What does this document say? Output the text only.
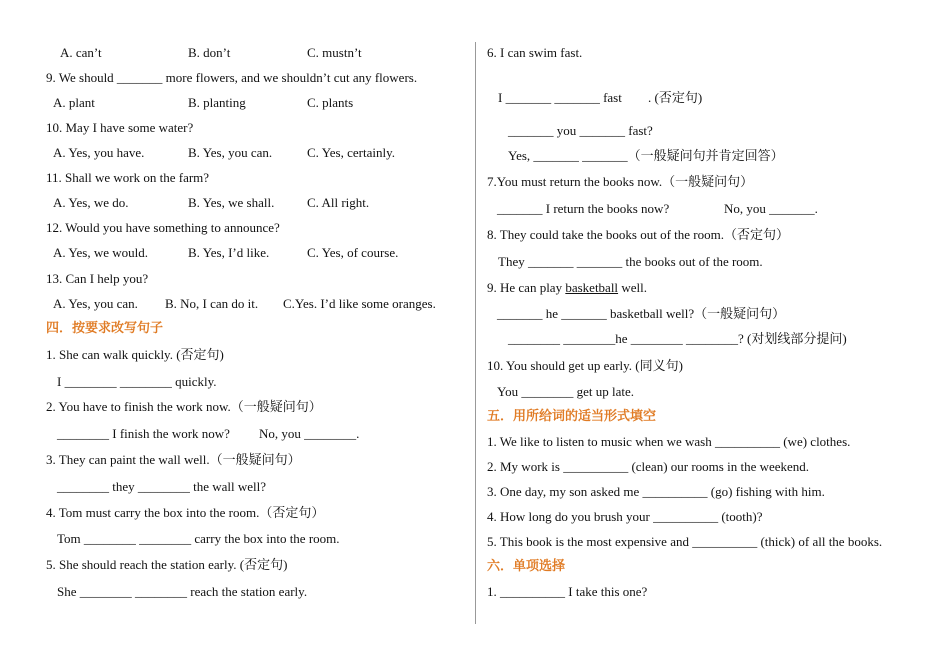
A. can’t	B. don’t	C. mustn’t
9. We should _______ more flowers, and we shouldn’t cut any flowers.
A. plant	B. planting	C. plants
10. May I have some water?
A. Yes, you have.	B. Yes, you can.	C. Yes, certainly.
11. Shall we work on the farm?
A. Yes, we do.	B. Yes, we shall.	C. All right.
12. Would you have something to announce?
A. Yes, we would.	B. Yes, I’d like.	C. Yes, of course.
13. Can I help you?
A. Yes, you can. B. No, I can do it. C.Yes. I’d like some oranges.
四．按要求改写句子
1. She can walk quickly. (否定句)
I ________ ________ quickly.
2. You have to finish the work now.（一般疑问句）
________ I finish the work now? No, you ________.
3. They can paint the wall well.（一般疑问句）
________ they ________ the wall well?
4. Tom must carry the box into the room.（否定句）
Tom ________ ________ carry the box into the room.
5. She should reach the station early. (否定句)
She ________ ________ reach the station early.
6. I can swim fast.
I _______ _______ fast . (否定句)
_______ you _______ fast?
Yes, _______ _______（一般疑问句并肯定回答）
7.You must return the books now.（一般疑问句）
_______ I return the books now?	No, you _______.
8. They could take the books out of the room.（否定句）
They _______ _______ the books out of the room.
9. He can play basketball well.
_______ he _______ basketball well?（一般疑问句）
________ ________he ________ ________? (对划线部分提问)
10. You should get up early. (同义句)
You ________ get up late.
五．用所给词的适当形式填空
1. We like to listen to music when we wash __________ (we) clothes.
2. My work is __________ (clean) our rooms in the weekend.
3. One day, my son asked me __________ (go) fishing with him.
4. How long do you brush your __________ (tooth)?
5. This book is the most expensive and __________ (thick) of all the books.
六．单项选择
1. __________ I take this one?
